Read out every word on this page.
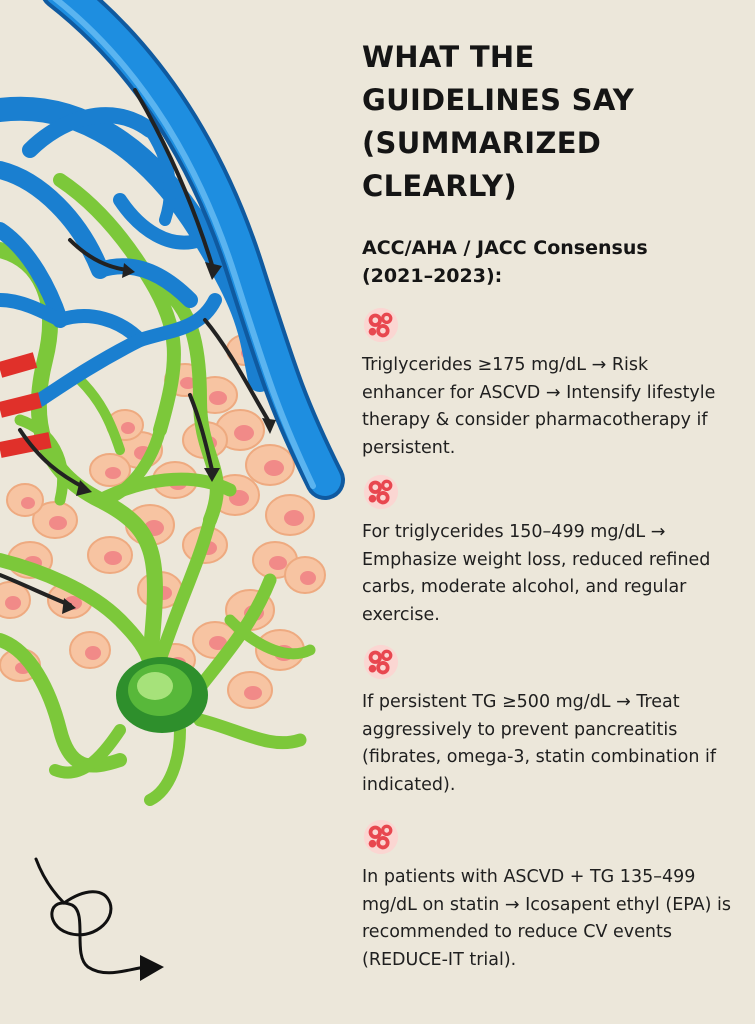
WHAT THE
GUIDELINES SAY
(SUMMARIZED
CLEARLY)

ACC/AHA / JACC Consensus
(2021–2023):

Triglycerides ≥175 mg/dL → Risk enhancer for ASCVD → Intensify lifestyle therapy & consider pharmacotherapy if persistent.
For triglycerides 150–499 mg/dL → Emphasize weight loss, reduced refined carbs, moderate alcohol, and regular exercise.
If persistent TG ≥500 mg/dL → Treat aggressively to prevent pancreatitis (fibrates, omega-3, statin combination if indicated).
In patients with ASCVD + TG 135–499 mg/dL on statin → Icosapent ethyl (EPA) is recommended to reduce CV events (REDUCE-IT trial).
